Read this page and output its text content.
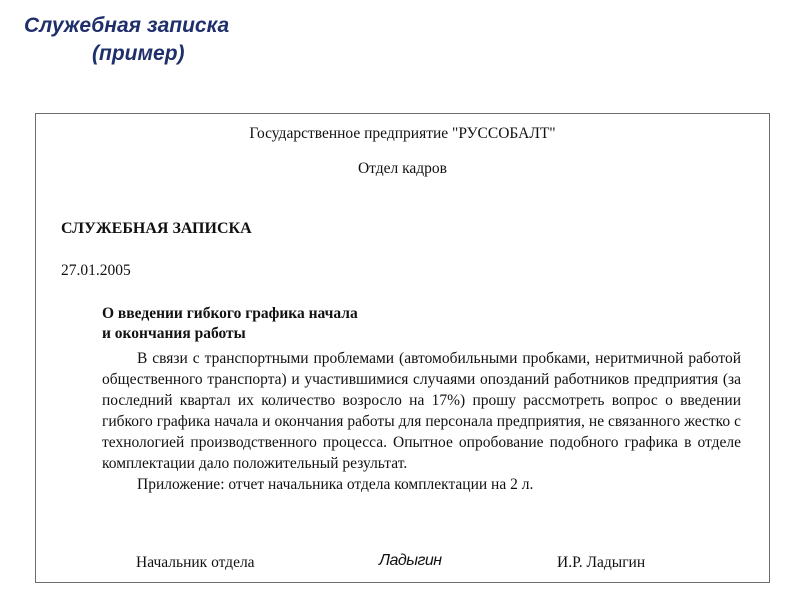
Служебная записка
(пример)
Государственное предприятие "РУССОБАЛТ"
Отдел кадров
СЛУЖЕБНАЯ ЗАПИСКА
27.01.2005
О введении гибкого графика начала
и окончания работы

В связи с транспортными проблемами (автомобильными пробками, неритмичной работой общественного транспорта) и участившимися случаями опозданий работников предприятия (за последний квартал их количество возросло на 17%) прошу рассмотреть вопрос о введении гибкого графика начала и окончания работы для персонала предприятия, не связанного жестко с технологией производственного процесса. Опытное опробование подобного графика в отделе комплектации дало положительный результат.

Приложение: отчет начальника отдела комплектации на 2 л.

Начальник отдела	Ладыгин	И.Р. Ладыгин
